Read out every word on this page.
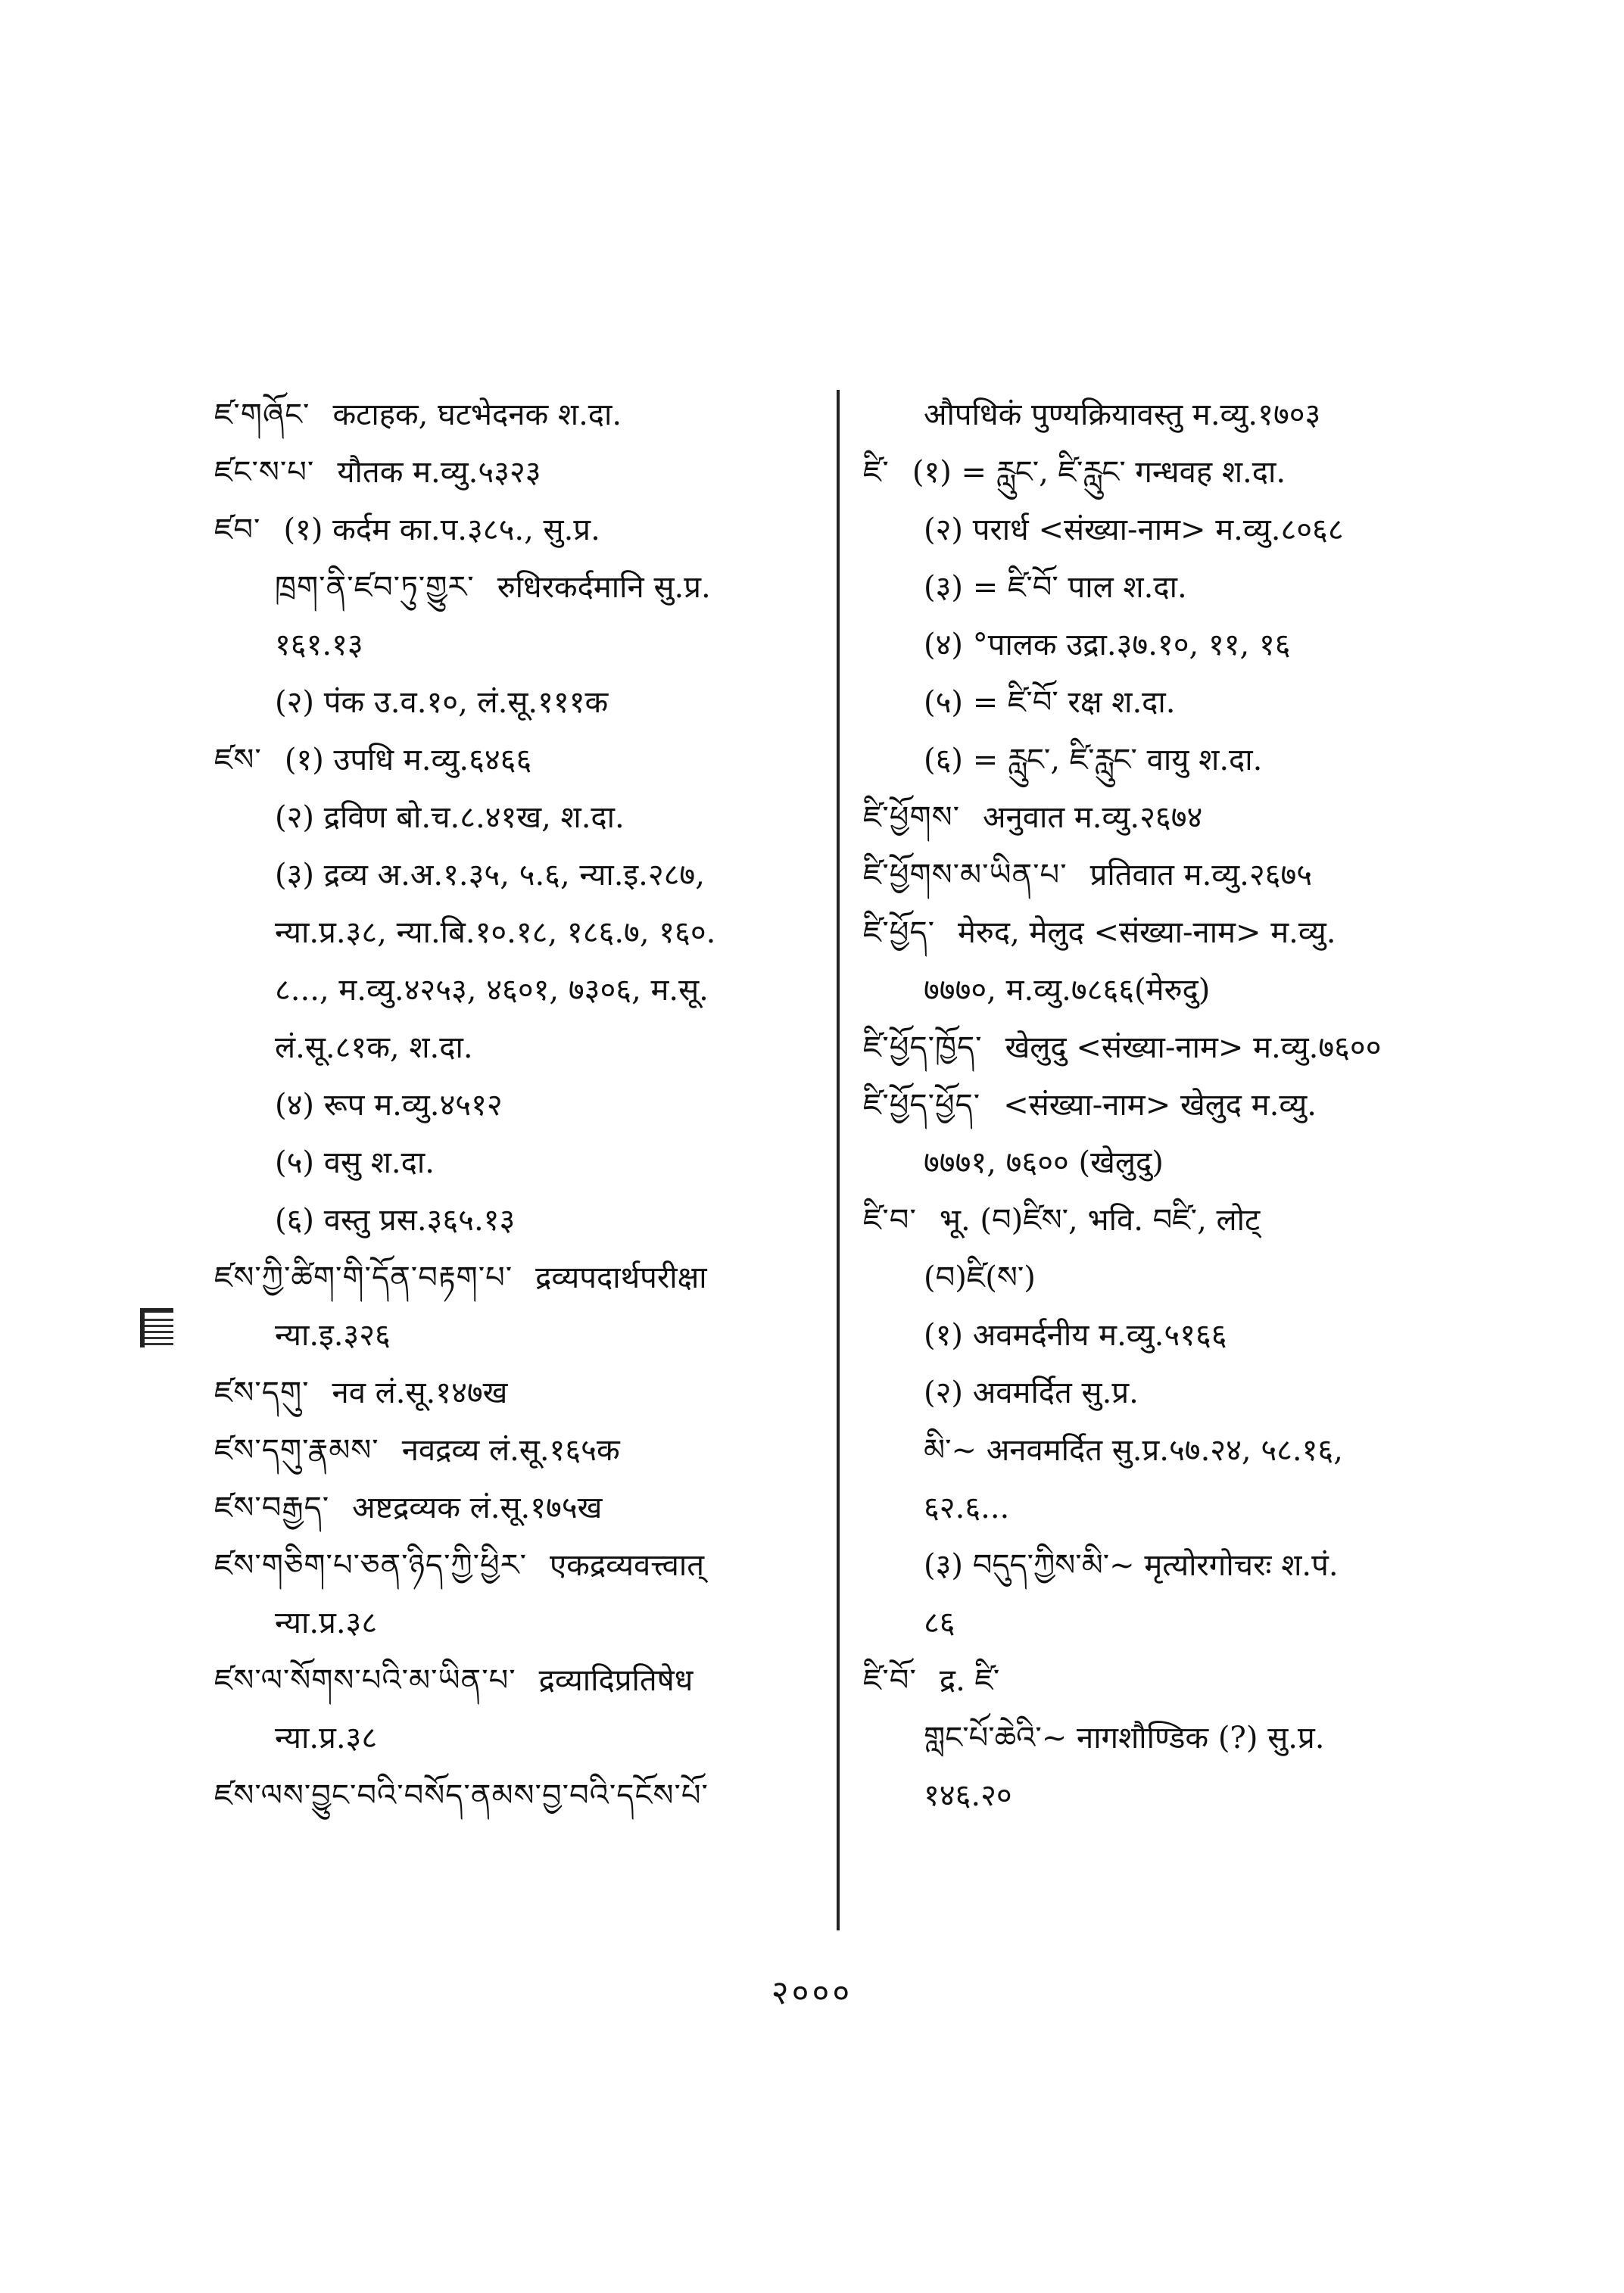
ཛ་གཞོང་ कटाहक, घटभेदनक श.दा.
ཛང་ས་པ་ यौतक म.व्यु.५३२३
ཛབ་ (१) कर्दम का.प.३८५., सु.प्र.
ཁྲག་ནི་ཛབ་ཏུ་གྱུར་ रुधिरकर्दमानि सु.प्र.
१६१.१३
(२) पंक उ.व.१०, लं.सू.१११क
ཛས་ (१) उपधि म.व्यु.६४६६
(२) द्रविण बो.च.८.४१ख, श.दा.
(३) द्रव्य अ.अ.१.३५, ५.६, न्या.इ.२८७,
न्या.प्र.३८, न्या.बि.१०.१८, १८६.७, १६०.
८..., म.व्यु.४२५३, ४६०१, ७३०६, म.सू.
लं.सू.८१क, श.दा.
(४) रूप म.व्यु.४५१२
(५) वसु श.दा.
(६) वस्तु प्रस.३६५.१३
ཛས་ཀྱི་ཚིག་གི་དོན་བརྟག་པ་ द्रव्यपदार्थपरीक्षा
न्या.इ.३२६
ཛས་དགུ་ नव लं.सू.१४७ख
ཛས་དགུ་རྣམས་ नवद्रव्य लं.सू.१६५क
ཛས་བརྒྱད་ अष्टद्रव्यक लं.सू.१७५ख
ཛས་གཅིག་པ་ཅན་ཉིད་ཀྱི་ཕྱིར་ एकद्रव्यवत्त्वात्
न्या.प्र.३८
ཛས་ལ་སོགས་པའི་མ་ཡིན་པ་ द्रव्यादिप्रतिषेध
न्या.प्र.३८
ཛས་ལས་བྱུང་བའི་བསོད་ནམས་བྱ་བའི་དངོས་པོ་
औपधिकं पुण्यक्रियावस्तु म.व्यु.१७०३
ཛི་ (१) = རླུང་, ཛི་རླུང་ गन्धवह श.दा.
(२) परार्ध <संख्या-नाम> म.व्यु.८०६८
(३) = ཛི་བོ་ पाल श.दा.
(४) °पालक उद्रा.३७.१०, ११, १६
(५) = ཛི་བོ་ रक्ष श.दा.
(६) = རླུང་, ཛི་རླུང་ वायु श.दा.
ཛི་ཕྱོགས་ अनुवात म.व्यु.२६७४
ཛི་ཕྱོགས་མ་ཡིན་པ་ प्रतिवात म.व्यु.२६७५
ཛི་ཕྱོད་ मेरुद, मेलुद <संख्या-नाम> म.व्यु.
७७७०, म.व्यु.७८६६(मेरुदु)
ཛི་ཕྱོད་ཁྱོད་ खेलुदु <संख्या-नाम> म.व्यु.७६००
ཛི་ཕྱོད་ཕྱོད་ <संख्या-नाम> खेलुद म.व्यु.
७७७१, ७६०० (खेलुदु)
ཛི་བ་ भू. (བ)ཛིས་, भवि. བཛི་, लोट्
(བ)ཛི(ས་)
(१) अवमर्दनीय म.व्यु.५१६६
(२) अवमर्दित सु.प्र.
མི་~ अनवमर्दित सु.प्र.५७.२४, ५८.१६,
६२.६...
(३) བདུད་ཀྱིས་མི་~ मृत्योरगोचरः श.पं.
८६
ཛི་བོ་ द्र. ཛི་
གླང་པོ་ཆེའི་~ नागशौण्डिक (?) सु.प्र.
१४६.२०
२०००
